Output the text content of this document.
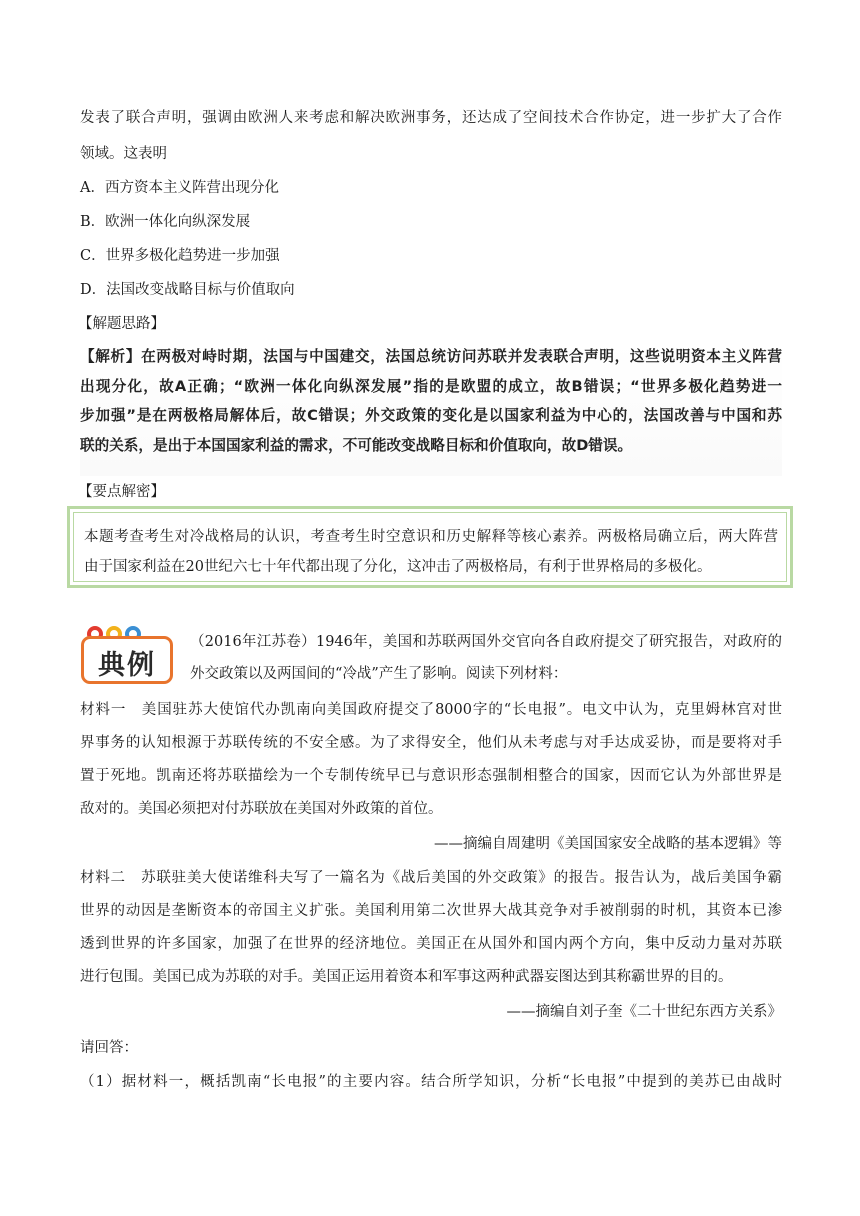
发表了联合声明，强调由欧洲人来考虑和解决欧洲事务，还达成了空间技术合作协定，进一步扩大了合作
领域。这表明
A．西方资本主义阵营出现分化
B．欧洲一体化向纵深发展
C．世界多极化趋势进一步加强
D．法国改变战略目标与价值取向
【解题思路】
【解析】在两极对峙时期，法国与中国建交，法国总统访问苏联并发表联合声明，这些说明资本主义阵营
出现分化，故A正确；“欧洲一体化向纵深发展”指的是欧盟的成立，故B错误；“世界多极化趋势进一
步加强”是在两极格局解体后，故C错误；外交政策的变化是以国家利益为中心的，法国改善与中国和苏
联的关系，是出于本国国家利益的需求，不可能改变战略目标和价值取向，故D错误。
【要点解密】
本题考查考生对冷战格局的认识，考查考生时空意识和历史解释等核心素养。两极格局确立后，两大阵营
由于国家利益在20世纪六七十年代都出现了分化，这冲击了两极格局，有利于世界格局的多极化。
典例
（2016年江苏卷）1946年，美国和苏联两国外交官向各自政府提交了研究报告，对政府的
外交政策以及两国间的“冷战”产生了影响。阅读下列材料：
材料一　美国驻苏大使馆代办凯南向美国政府提交了8000字的“长电报”。电文中认为，克里姆林宫对世
界事务的认知根源于苏联传统的不安全感。为了求得安全，他们从未考虑与对手达成妥协，而是要将对手
置于死地。凯南还将苏联描绘为一个专制传统早已与意识形态强制相整合的国家，因而它认为外部世界是
敌对的。美国必须把对付苏联放在美国对外政策的首位。
——摘编自周建明《美国国家安全战略的基本逻辑》等
材料二　苏联驻美大使诺维科夫写了一篇名为《战后美国的外交政策》的报告。报告认为，战后美国争霸
世界的动因是垄断资本的帝国主义扩张。美国利用第二次世界大战其竞争对手被削弱的时机，其资本已渗
透到世界的许多国家，加强了在世界的经济地位。美国正在从国外和国内两个方向，集中反动力量对苏联
进行包围。美国已成为苏联的对手。美国正运用着资本和军事这两种武器妄图达到其称霸世界的目的。
——摘编自刘子奎《二十世纪东西方关系》
请回答：
（1）据材料一，概括凯南“长电报”的主要内容。结合所学知识，分析“长电报”中提到的美苏已由战时
